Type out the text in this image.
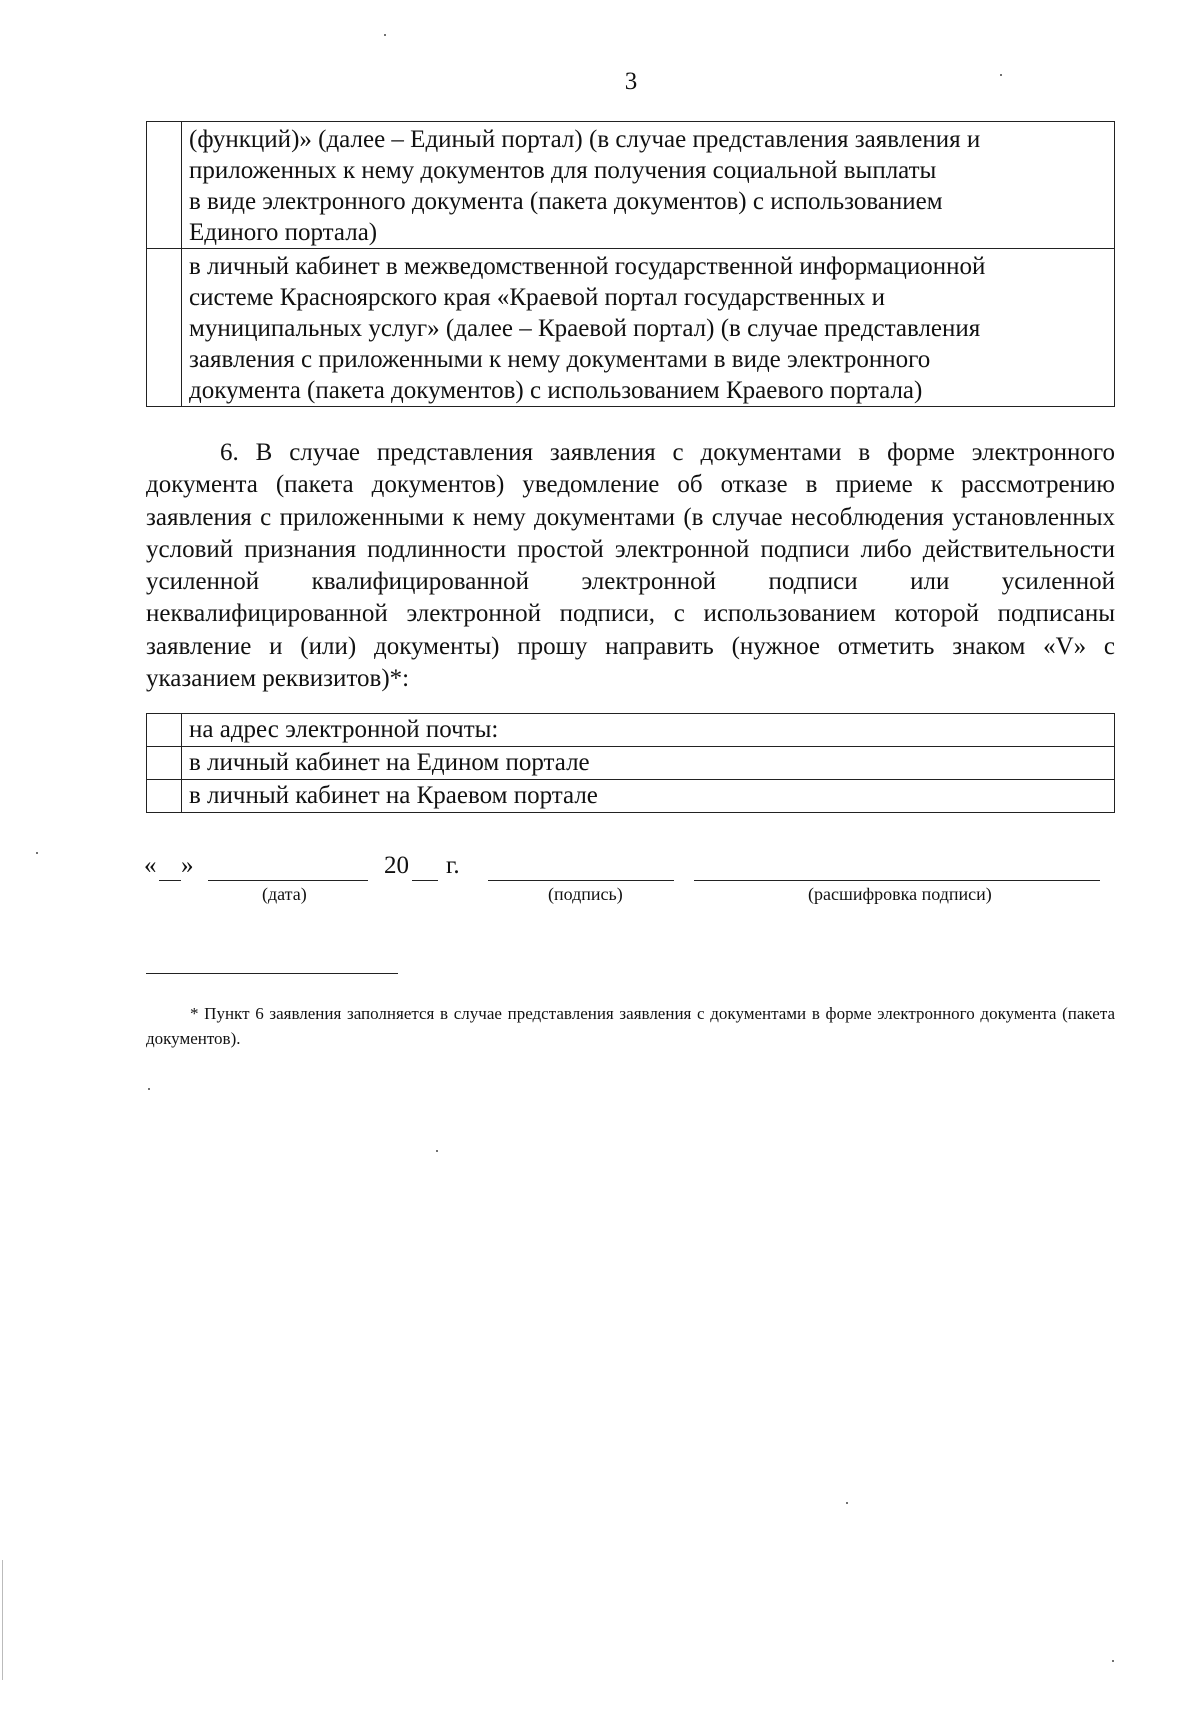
3

	(функций)» (далее – Единый портал) (в случае представления заявления и
приложенных к нему документов для получения социальной выплаты
в виде электронного документа (пакета документов) с использованием
Единого портала)

	в личный кабинет в межведомственной государственной информационной
системе Красноярского края «Краевой портал государственных и
муниципальных услуг» (далее – Краевой портал) (в случае представления
заявления с приложенными к нему документами в виде электронного
документа (пакета документов) с использованием Краевого портала)
6. В случае представления заявления с документами в форме электронного документа (пакета документов) уведомление об отказе в приеме к рассмотрению заявления с приложенными к нему документами (в случае несоблюдения установленных условий признания подлинности простой электронной подписи либо действительности усиленной квалифицированной электронной подписи или усиленной неквалифицированной электронной подписи, с использованием которой подписаны заявление и (или) документы) прошу направить (нужное отметить знаком «V» с указанием реквизитов)*:
	на адрес электронной почты:
	в личный кабинет на Едином портале
	в личный кабинет на Краевом портале
« »	20 г.
(дата)	(подпись)	(расшифровка подписи)
* Пункт 6 заявления заполняется в случае представления заявления с документами в форме электронного документа (пакета документов).
